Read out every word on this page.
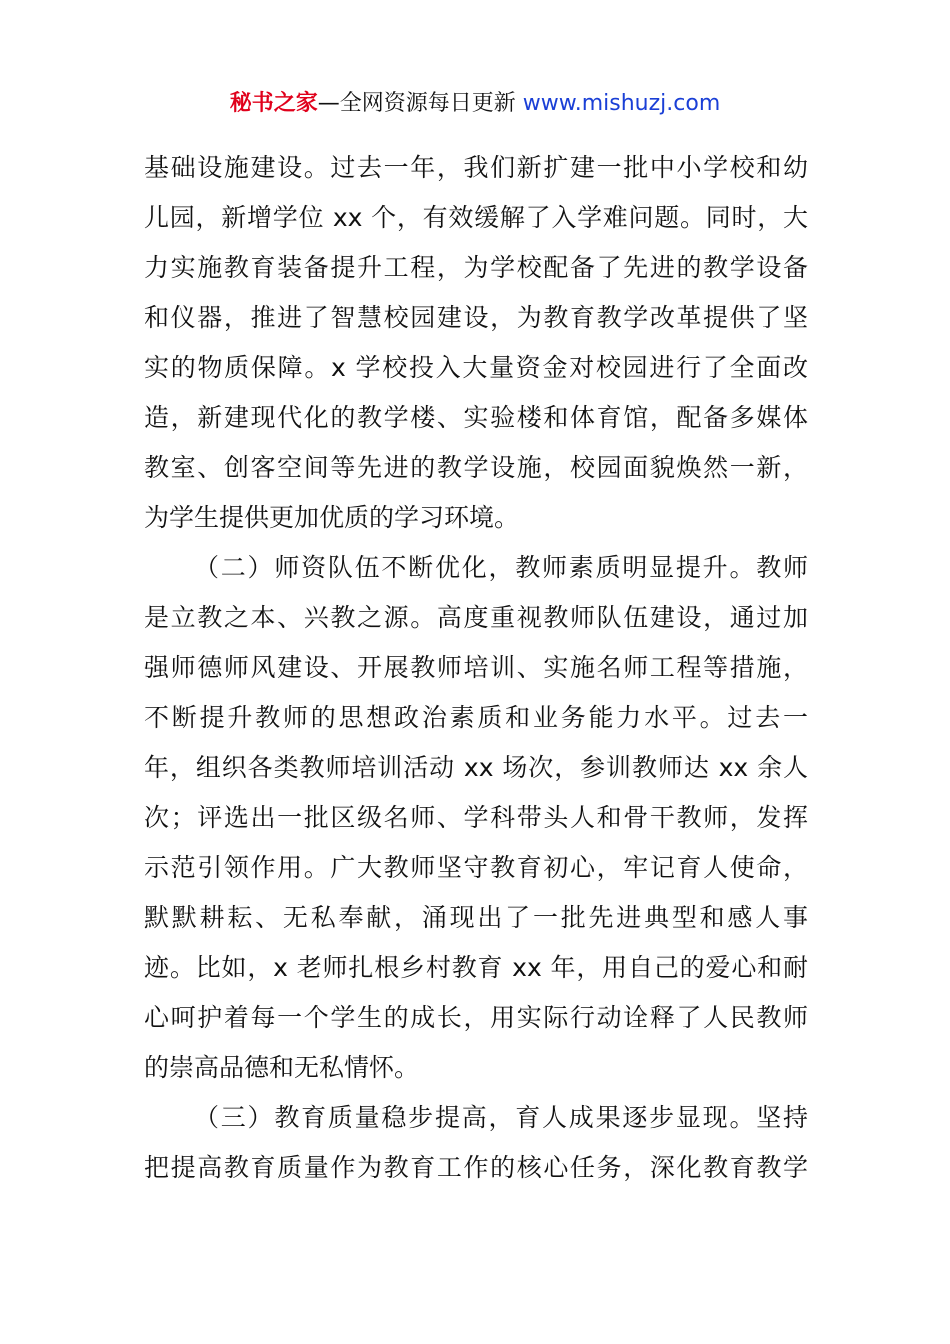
秘书之家—全网资源每日更新 www.mishuzj.com
基础设施建设。过去一年，我们新扩建一批中小学校和幼
儿园，新增学位 xx 个，有效缓解了入学难问题。同时，大
力实施教育装备提升工程，为学校配备了先进的教学设备
和仪器，推进了智慧校园建设，为教育教学改革提供了坚
实的物质保障。x 学校投入大量资金对校园进行了全面改
造，新建现代化的教学楼、实验楼和体育馆，配备多媒体
教室、创客空间等先进的教学设施，校园面貌焕然一新，
为学生提供更加优质的学习环境。
（二）师资队伍不断优化，教师素质明显提升。教师
是立教之本、兴教之源。高度重视教师队伍建设，通过加
强师德师风建设、开展教师培训、实施名师工程等措施，
不断提升教师的思想政治素质和业务能力水平。过去一
年，组织各类教师培训活动 xx 场次，参训教师达 xx 余人
次；评选出一批区级名师、学科带头人和骨干教师，发挥
示范引领作用。广大教师坚守教育初心，牢记育人使命，
默默耕耘、无私奉献，涌现出了一批先进典型和感人事
迹。比如，x 老师扎根乡村教育 xx 年，用自己的爱心和耐
心呵护着每一个学生的成长，用实际行动诠释了人民教师
的崇高品德和无私情怀。
（三）教育质量稳步提高，育人成果逐步显现。坚持
把提高教育质量作为教育工作的核心任务，深化教育教学
